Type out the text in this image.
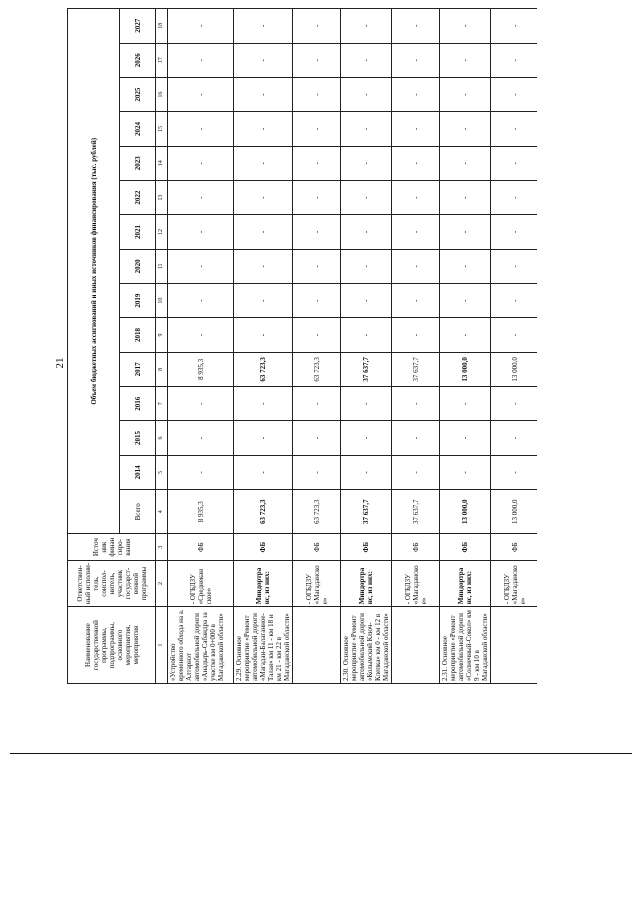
21
Наименование государственной программы, подпрограммы, основного мероприятия, мероприятия	Ответствен-ный исполни-тель, соиспол-нитель, участник государст-венной программы	Источ ник финан сиро-вания	Объем бюджетных ассигнований и иных источников финансирования (тыс. рублей)														
			Всего	2014	2015	2016	2017	2018	2019	2020	2021	2022	2023	2024	2025	2026	2027
1	2	3	4	5	6	7	8	9	10	11	12	13	14	15	16	17	18
«Устройство временного обхода на а. Алтарнэт автомобильной дороги «Анадырь-Сабандра за участке км 0+000 в Магаданской области»	- ОГБДЗУ «Среднекан ское»	ФБ	8 935,3	-	-	-	8 935,3	-	-	-	-	-	-	-	-	-	-
2.29. Основное мероприятие «Ремонт автомобильной дороги «Магадан-Балаганное-Талая» км 11 - км 18 и км 21 - км 22 в Магаданской области»	Миндортра нс, из них:	ФБ	63 723,3	-	-	-	63 723,3	-	-	-	-	-	-	-	-	-	-
	- ОГБДЗУ «Магаданско е»	ФБ	63 723,3	-	-	-	63 723,3	-	-	-	-	-	-	-	-	-	-
2.30. Основное мероприятие «Ремонт автомобильной дороги «Колымский Ключ-Клепка» км 0 - км 12 в Магаданской области»	Миндортра нс, из них:	ФБ	37 637,7	-	-	-	37 637,7	-	-	-	-	-	-	-	-	-	-
	- ОГБДЗУ «Магаданско е»	ФБ	37 637,7	-	-	-	37 637,7	-	-	-	-	-	-	-	-	-	-
2.31. Основное мероприятие «Ремонт автомобильной дороги «Солнечный-Сокол» км 9 - км 10 в Магаданской области»	Миндортра нс, из них:	ФБ	13 000,0	-	-	-	13 000,0	-	-	-	-	-	-	-	-	-	-
	- ОГБДЗУ «Магаданско е»	ФБ	13 000,0	-	-	-	13 000,0	-	-	-	-	-	-	-	-	-	-
